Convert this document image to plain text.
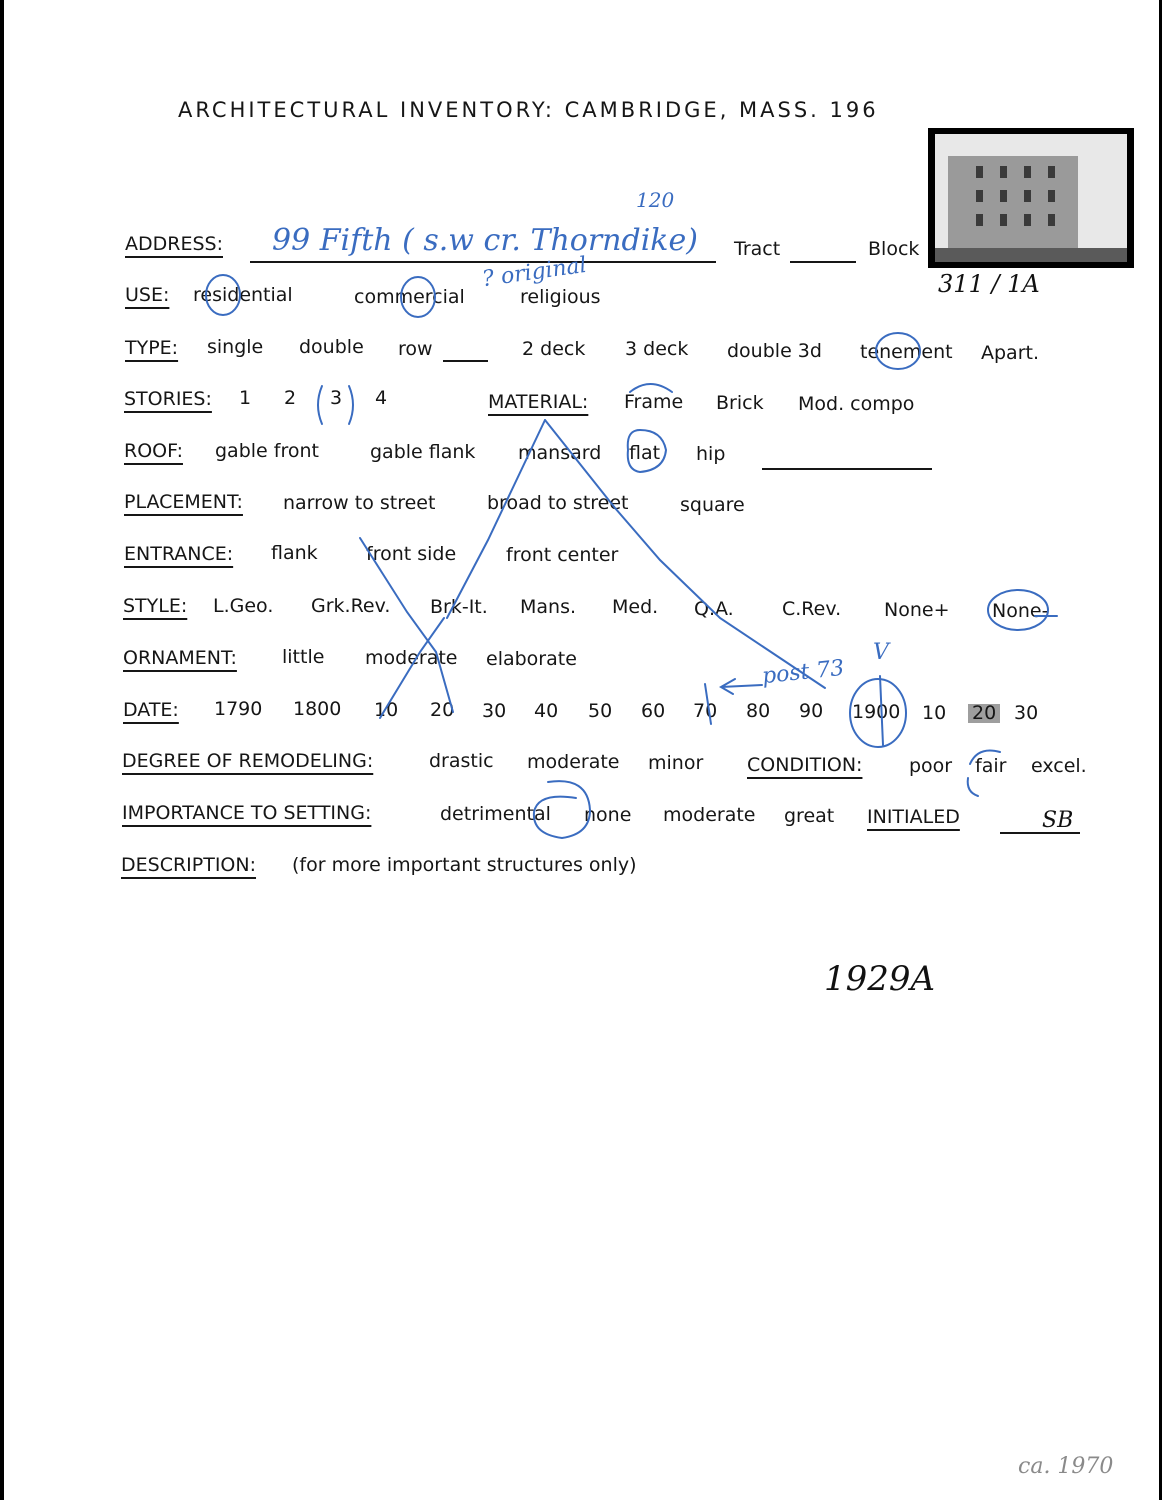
ARCHITECTURAL INVENTORY: CAMBRIDGE, MASS. 196
ADDRESS:	Tract	Block
USE: residential	commercial	religious
TYPE: single double row	2 deck 3 deck double 3d tenement Apart.
STORIES: 1 2 3 4	MATERIAL: Frame Brick Mod. compo
ROOF: gable front	gable flank mansard flat hip
PLACEMENT: narrow to street	broad to street	square
ENTRANCE: flank	front side	front center
STYLE: L.Geo. Grk.Rev. Brk-It. Mans. Med. Q.A.	C.Rev. None+ None-
ORNAMENT: little moderate elaborate
DATE: 1790 1800 10 20 30 40 50 60 70 80 90 1900 10 20 30
DEGREE OF REMODELING:	drastic moderate minor CONDITION: poor fair excel.
IMPORTANCE TO SETTING:	detrimental none moderate great INITIALED
DESCRIPTION: (for more important structures only)
99 Fifth ( s.w cr. Thorndike)
120
? original
post 73
V
311 / 1A
SB
1929A
ca. 1970
